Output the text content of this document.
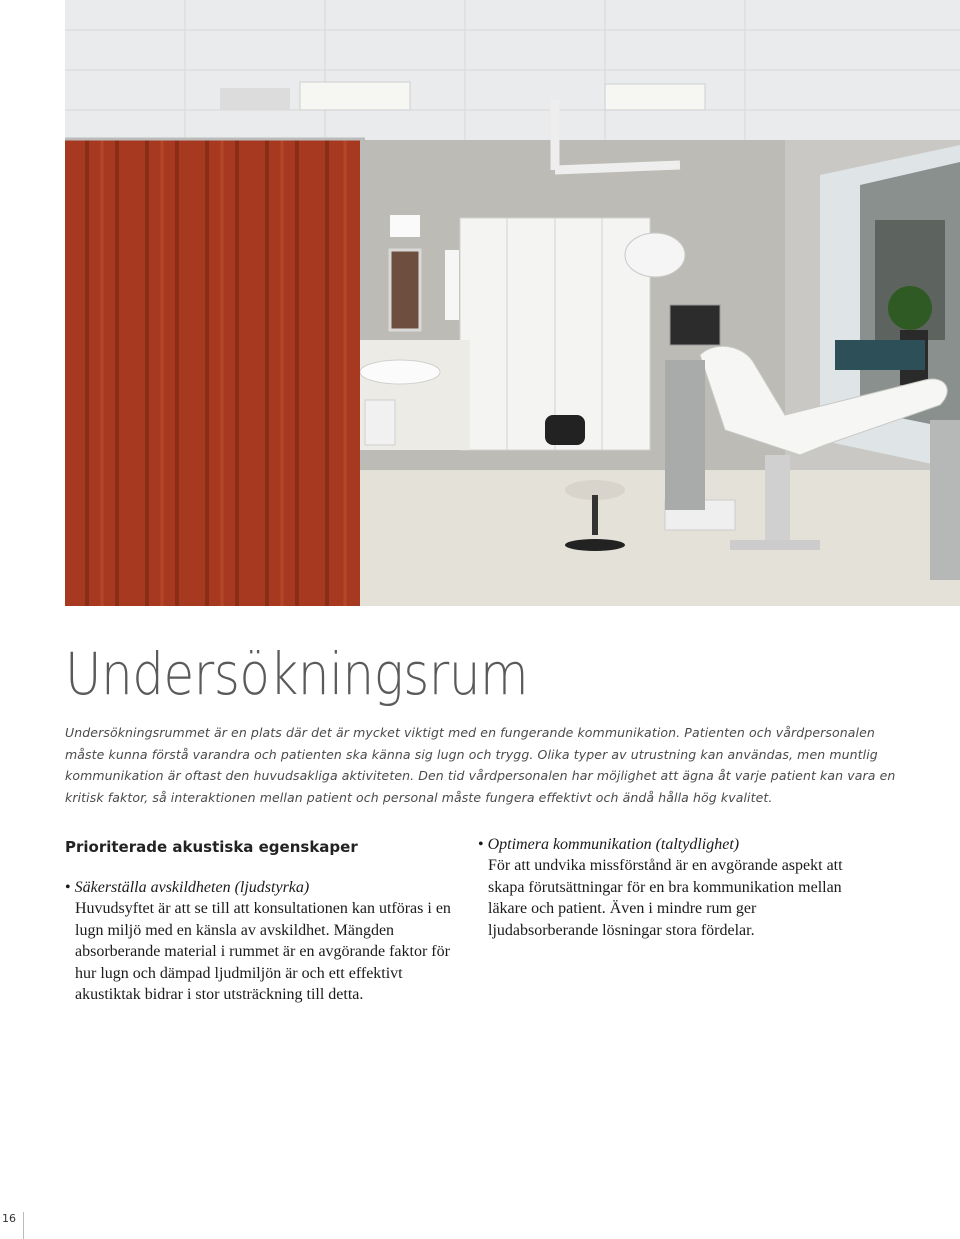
Undersökningsrum

Undersökningsrummet är en plats där det är mycket viktigt med en fungerande kommunikation. Patienten och vårdpersonalen måste kunna förstå varandra och patienten ska känna sig lugn och trygg. Olika typer av utrustning kan användas, men muntlig kommunikation är oftast den huvudsakliga aktiviteten. Den tid vårdpersonalen har möjlighet att ägna åt varje patient kan vara en kritisk faktor, så interaktionen mellan patient och personal måste fungera effektivt och ändå hålla hög kvalitet.

Prioriterade akustiska egenskaper

• Säkerställa avskildheten (ljudstyrka)

Huvudsyftet är att se till att konsultationen kan utföras i en lugn miljö med en känsla av avskildhet. Mängden absorberande material i rummet är en avgörande faktor för hur lugn och dämpad ljudmiljön är och ett effektivt akustiktak bidrar i stor utsträckning till detta.

• Optimera kommunikation (taltydlighet)

För att undvika missförstånd är en avgörande aspekt att skapa förutsättningar för en bra kommunikation mellan läkare och patient. Även i mindre rum ger ljudabsorberande lösningar stora fördelar.

16
